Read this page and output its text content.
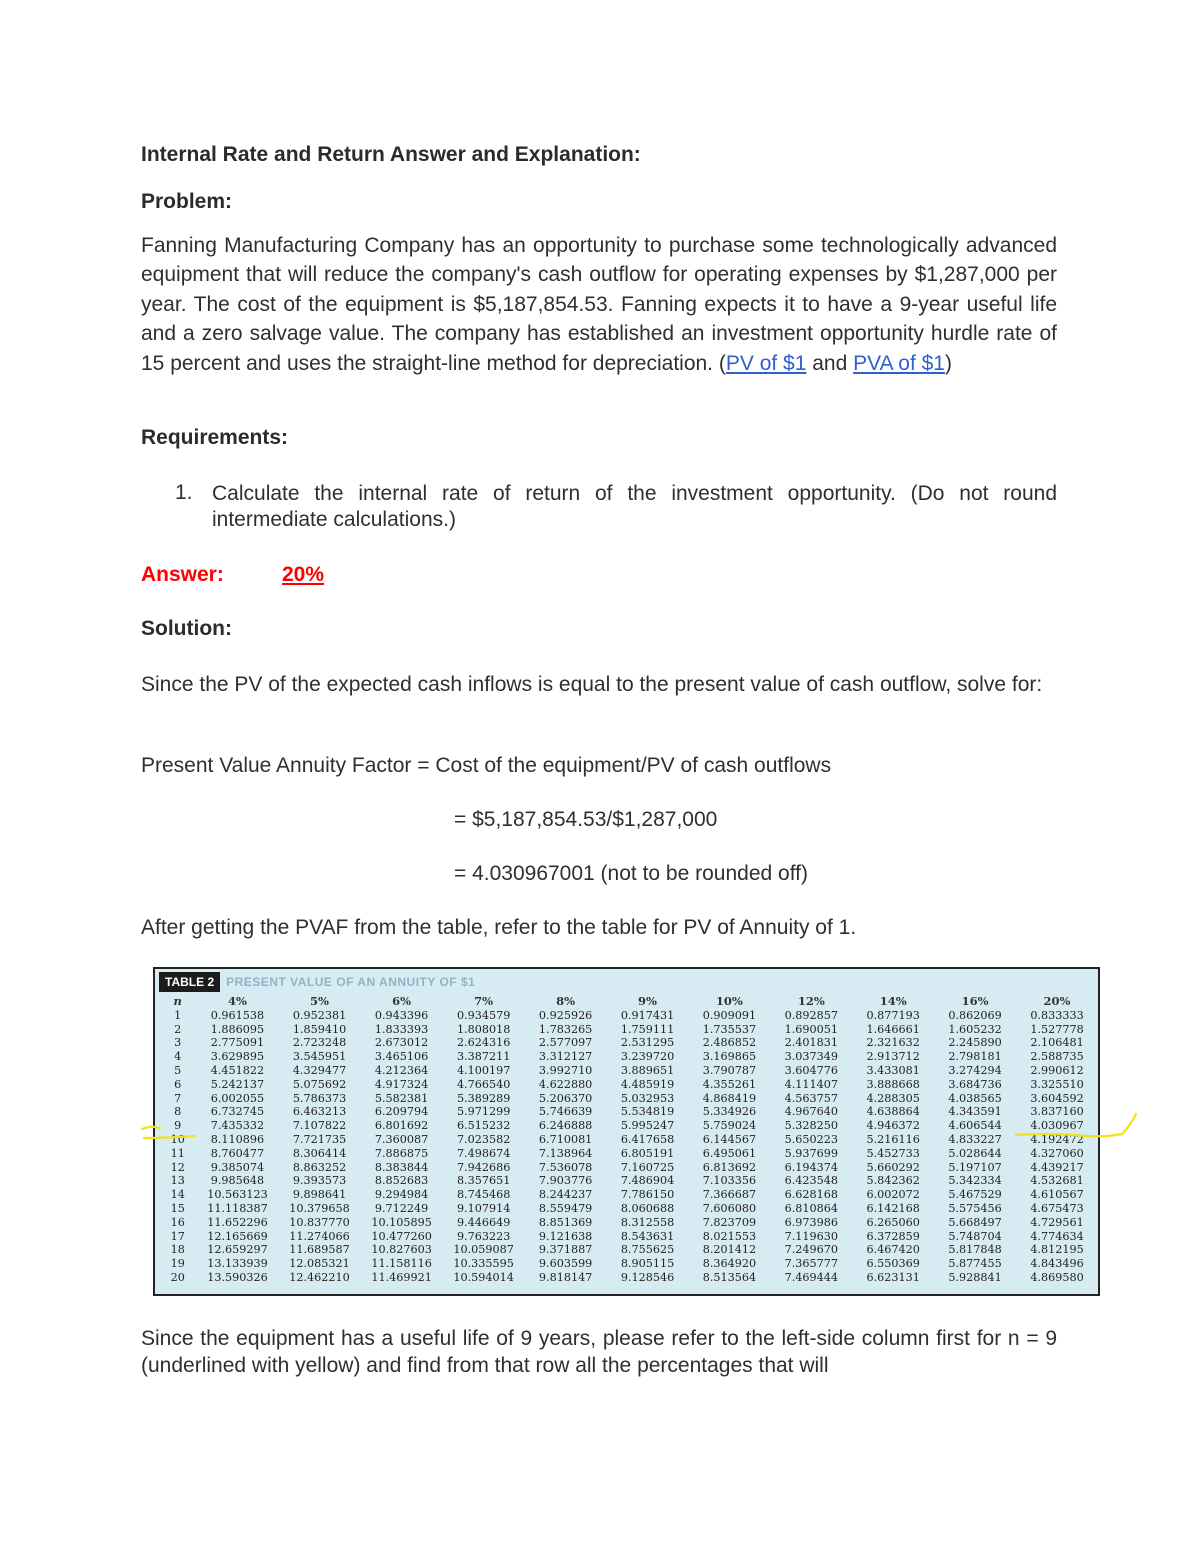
Internal Rate and Return Answer and Explanation:
Problem:

Fanning Manufacturing Company has an opportunity to purchase some technologically advanced equipment that will reduce the company's cash outflow for operating expenses by $1,287,000 per year. The cost of the equipment is $5,187,854.53. Fanning expects it to have a 9-year useful life and a zero salvage value. The company has established an investment opportunity hurdle rate of 15 percent and uses the straight-line method for depreciation. (PV of $1 and PVA of $1)

Requirements:
1. Calculate the internal rate of return of the investment opportunity. (Do not round intermediate calculations.)

Answer:	20%
Solution:

Since the PV of the expected cash inflows is equal to the present value of cash outflow, solve for:

Present Value Annuity Factor = Cost of the equipment/PV of cash outflows
= $5,187,854.53/$1,287,000
= 4.030967001 (not to be rounded off)
After getting the PVAF from the table, refer to the table for PV of Annuity of 1.

Since the equipment has a useful life of 9 years, please refer to the left-side column first for n = 9 (underlined with yellow) and find from that row all the percentages that will

TABLE 2	PRESENT VALUE OF AN ANNUITY OF $1
n	4%	5%	6%	7%	8%	9%	10%	12%	14%	16%	20%
1	0.961538	0.952381	0.943396	0.934579	0.925926	0.917431	0.909091	0.892857	0.877193	0.862069	0.833333
2	1.886095	1.859410	1.833393	1.808018	1.783265	1.759111	1.735537	1.690051	1.646661	1.605232	1.527778
3	2.775091	2.723248	2.673012	2.624316	2.577097	2.531295	2.486852	2.401831	2.321632	2.245890	2.106481
4	3.629895	3.545951	3.465106	3.387211	3.312127	3.239720	3.169865	3.037349	2.913712	2.798181	2.588735
5	4.451822	4.329477	4.212364	4.100197	3.992710	3.889651	3.790787	3.604776	3.433081	3.274294	2.990612
6	5.242137	5.075692	4.917324	4.766540	4.622880	4.485919	4.355261	4.111407	3.888668	3.684736	3.325510
7	6.002055	5.786373	5.582381	5.389289	5.206370	5.032953	4.868419	4.563757	4.288305	4.038565	3.604592
8	6.732745	6.463213	6.209794	5.971299	5.746639	5.534819	5.334926	4.967640	4.638864	4.343591	3.837160
9	7.435332	7.107822	6.801692	6.515232	6.246888	5.995247	5.759024	5.328250	4.946372	4.606544	4.030967
10	8.110896	7.721735	7.360087	7.023582	6.710081	6.417658	6.144567	5.650223	5.216116	4.833227	4.192472
11	8.760477	8.306414	7.886875	7.498674	7.138964	6.805191	6.495061	5.937699	5.452733	5.028644	4.327060
12	9.385074	8.863252	8.383844	7.942686	7.536078	7.160725	6.813692	6.194374	5.660292	5.197107	4.439217
13	9.985648	9.393573	8.852683	8.357651	7.903776	7.486904	7.103356	6.423548	5.842362	5.342334	4.532681
14	10.563123	9.898641	9.294984	8.745468	8.244237	7.786150	7.366687	6.628168	6.002072	5.467529	4.610567
15	11.118387	10.379658	9.712249	9.107914	8.559479	8.060688	7.606080	6.810864	6.142168	5.575456	4.675473
16	11.652296	10.837770	10.105895	9.446649	8.851369	8.312558	7.823709	6.973986	6.265060	5.668497	4.729561
17	12.165669	11.274066	10.477260	9.763223	9.121638	8.543631	8.021553	7.119630	6.372859	5.748704	4.774634
18	12.659297	11.689587	10.827603	10.059087	9.371887	8.755625	8.201412	7.249670	6.467420	5.817848	4.812195
19	13.133939	12.085321	11.158116	10.335595	9.603599	8.905115	8.364920	7.365777	6.550369	5.877455	4.843496
20	13.590326	12.462210	11.469921	10.594014	9.818147	9.128546	8.513564	7.469444	6.623131	5.928841	4.869580
